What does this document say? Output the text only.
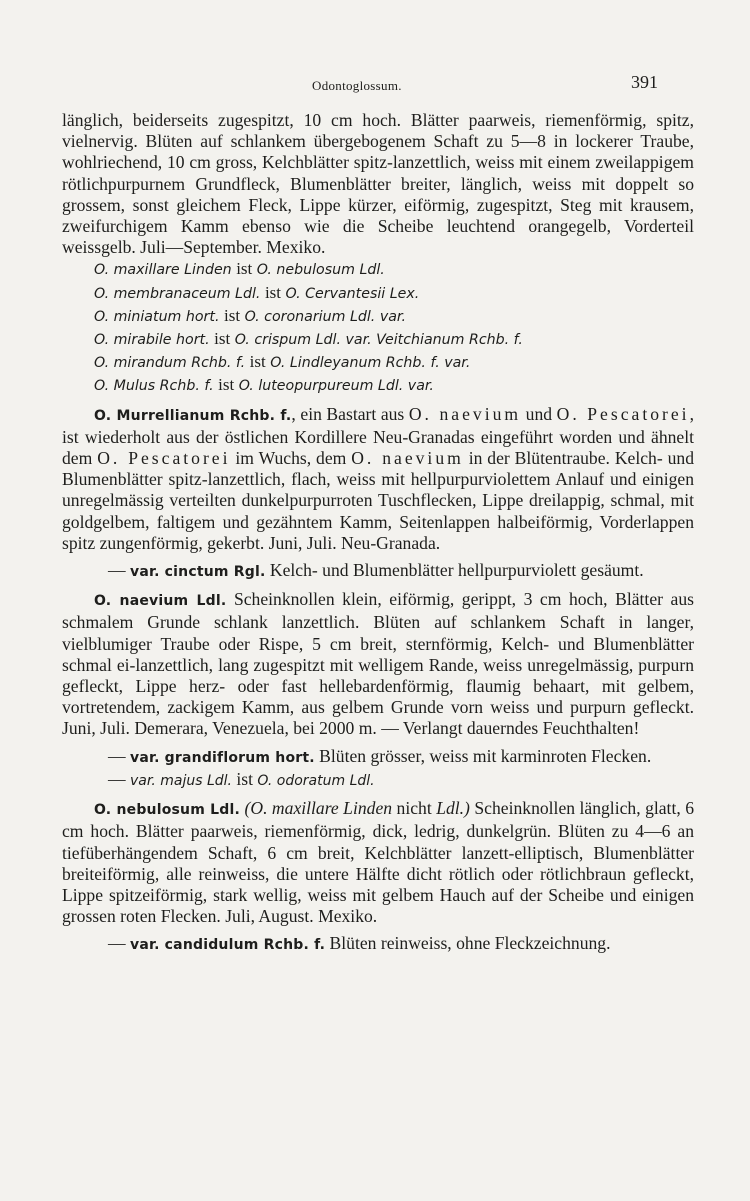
Odontoglossum.	391

länglich, beiderseits zugespitzt, 10 cm hoch. Blätter paarweis, riemenförmig, spitz, vielnervig. Blüten auf schlankem übergebogenem Schaft zu 5—8 in lockerer Traube, wohlriechend, 10 cm gross, Kelchblätter spitz-lanzettlich, weiss mit einem zweilappigem rötlichpurpurnem Grundfleck, Blumenblätter breiter, länglich, weiss mit doppelt so grossem, sonst gleichem Fleck, Lippe kürzer, eiförmig, zugespitzt, Steg mit krausem, zweifurchigem Kamm ebenso wie die Scheibe leuchtend orangegelb, Vorderteil weissgelb. Juli—September. Mexiko.

O. maxillare Linden ist O. nebulosum Ldl.

O. membranaceum Ldl. ist O. Cervantesii Lex.

O. miniatum hort. ist O. coronarium Ldl. var.

O. mirabile hort. ist O. crispum Ldl. var. Veitchianum Rchb. f.

O. mirandum Rchb. f. ist O. Lindleyanum Rchb. f. var.

O. Mulus Rchb. f. ist O. luteopurpureum Ldl. var.

O. Murrellianum Rchb. f., ein Bastart aus O. naevium und O. Pescatorei, ist wiederholt aus der östlichen Kordillere Neu-Granadas eingeführt worden und ähnelt dem O. Pescatorei im Wuchs, dem O. naevium in der Blütentraube. Kelch- und Blumenblätter spitz-lanzettlich, flach, weiss mit hellpurpurviolettem Anlauf und einigen unregelmässig verteilten dunkelpurpurroten Tuschflecken, Lippe dreilappig, schmal, mit goldgelbem, faltigem und gezähntem Kamm, Seitenlappen halbeiförmig, Vorderlappen spitz zungenförmig, gekerbt. Juni, Juli. Neu-Granada.

— var. cinctum Rgl. Kelch- und Blumenblätter hellpurpurviolett gesäumt.

O. naevium Ldl. Scheinknollen klein, eiförmig, gerippt, 3 cm hoch, Blätter aus schmalem Grunde schlank lanzettlich. Blüten auf schlankem Schaft in langer, vielblumiger Traube oder Rispe, 5 cm breit, sternförmig, Kelch- und Blumenblätter schmal ei-lanzettlich, lang zugespitzt mit welligem Rande, weiss unregelmässig, purpurn gefleckt, Lippe herz- oder fast hellebardenförmig, flaumig behaart, mit gelbem, vortretendem, zackigem Kamm, aus gelbem Grunde vorn weiss und purpurn gefleckt. Juni, Juli. Demerara, Venezuela, bei 2000 m. — Verlangt dauerndes Feuchthalten!

— var. grandiflorum hort. Blüten grösser, weiss mit karminroten Flecken.

— var. majus Ldl. ist O. odoratum Ldl.

O. nebulosum Ldl. (O. maxillare Linden nicht Ldl.) Scheinknollen länglich, glatt, 6 cm hoch. Blätter paarweis, riemenförmig, dick, ledrig, dunkelgrün. Blüten zu 4—6 an tiefüberhängendem Schaft, 6 cm breit, Kelchblätter lanzett-elliptisch, Blumenblätter breiteiförmig, alle reinweiss, die untere Hälfte dicht rötlich oder rötlichbraun gefleckt, Lippe spitzeiförmig, stark wellig, weiss mit gelbem Hauch auf der Scheibe und einigen grossen roten Flecken. Juli, August. Mexiko.

— var. candidulum Rchb. f. Blüten reinweiss, ohne Fleckzeichnung.
